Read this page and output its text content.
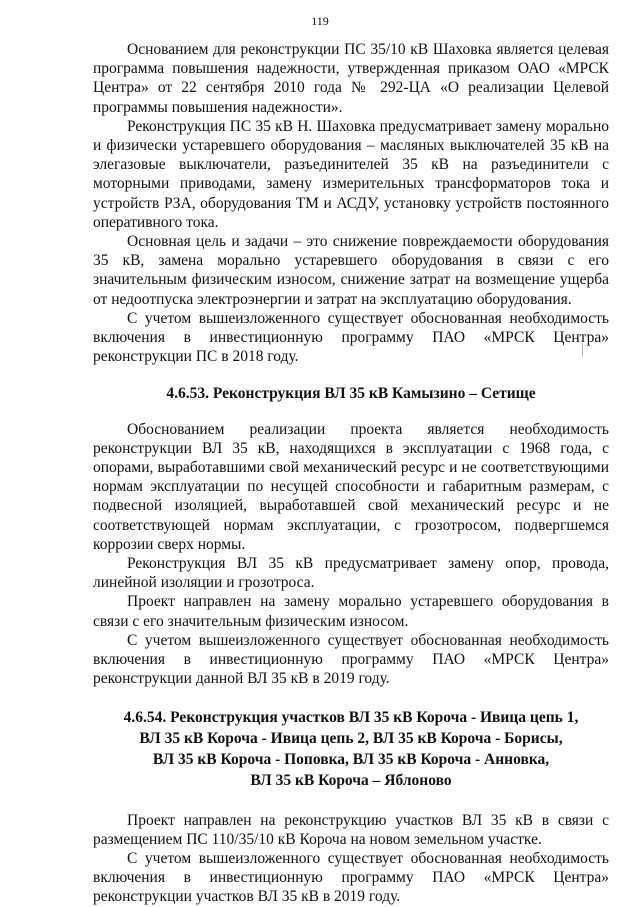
119

Основанием для реконструкции ПС 35/10 кВ Шаховка является целевая программа повышения надежности, утвержденная приказом ОАО «МРСК Центра» от 22 сентября 2010 года № 292-ЦА «О реализации Целевой программы повышения надежности».

Реконструкция ПС 35 кВ Н. Шаховка предусматривает замену морально и физически устаревшего оборудования – масляных выключателей 35 кВ на элегазовые выключатели, разъединителей 35 кВ на разъединители с моторными приводами, замену измерительных трансформаторов тока и устройств РЗА, оборудования ТМ и АСДУ, установку устройств постоянного оперативного тока.

Основная цель и задачи – это снижение повреждаемости оборудования 35 кВ, замена морально устаревшего оборудования в связи с его значительным физическим износом, снижение затрат на возмещение ущерба от недоотпуска электроэнергии и затрат на эксплуатацию оборудования.

С учетом вышеизложенного существует обоснованная необходимость включения в инвестиционную программу ПАО «МРСК Центра» реконструкции ПС в 2018 году.

4.6.53. Реконструкция ВЛ 35 кВ Камызино – Сетище

Обоснованием реализации проекта является необходимость реконструкции ВЛ 35 кВ, находящихся в эксплуатации с 1968 года, с опорами, выработавшими свой механический ресурс и не соответствующими нормам эксплуатации по несущей способности и габаритным размерам, с подвесной изоляцией, выработавшей свой механический ресурс и не соответствующей нормам эксплуатации, с грозотросом, подвергшемся коррозии сверх нормы.

Реконструкция ВЛ 35 кВ предусматривает замену опор, провода, линейной изоляции и грозотроса.

Проект направлен на замену морально устаревшего оборудования в связи с его значительным физическим износом.

С учетом вышеизложенного существует обоснованная необходимость включения в инвестиционную программу ПАО «МРСК Центра» реконструкции данной ВЛ 35 кВ в 2019 году.

4.6.54. Реконструкция участков ВЛ 35 кВ Короча - Ивица цепь 1,
ВЛ 35 кВ Короча - Ивица цепь 2, ВЛ 35 кВ Короча - Борисы,
ВЛ 35 кВ Короча - Поповка, ВЛ 35 кВ Короча - Анновка,
ВЛ 35 кВ Короча – Яблоново

Проект направлен на реконструкцию участков ВЛ 35 кВ в связи с размещением ПС 110/35/10 кВ Короча на новом земельном участке.

С учетом вышеизложенного существует обоснованная необходимость включения в инвестиционную программу ПАО «МРСК Центра» реконструкции участков ВЛ 35 кВ в 2019 году.
